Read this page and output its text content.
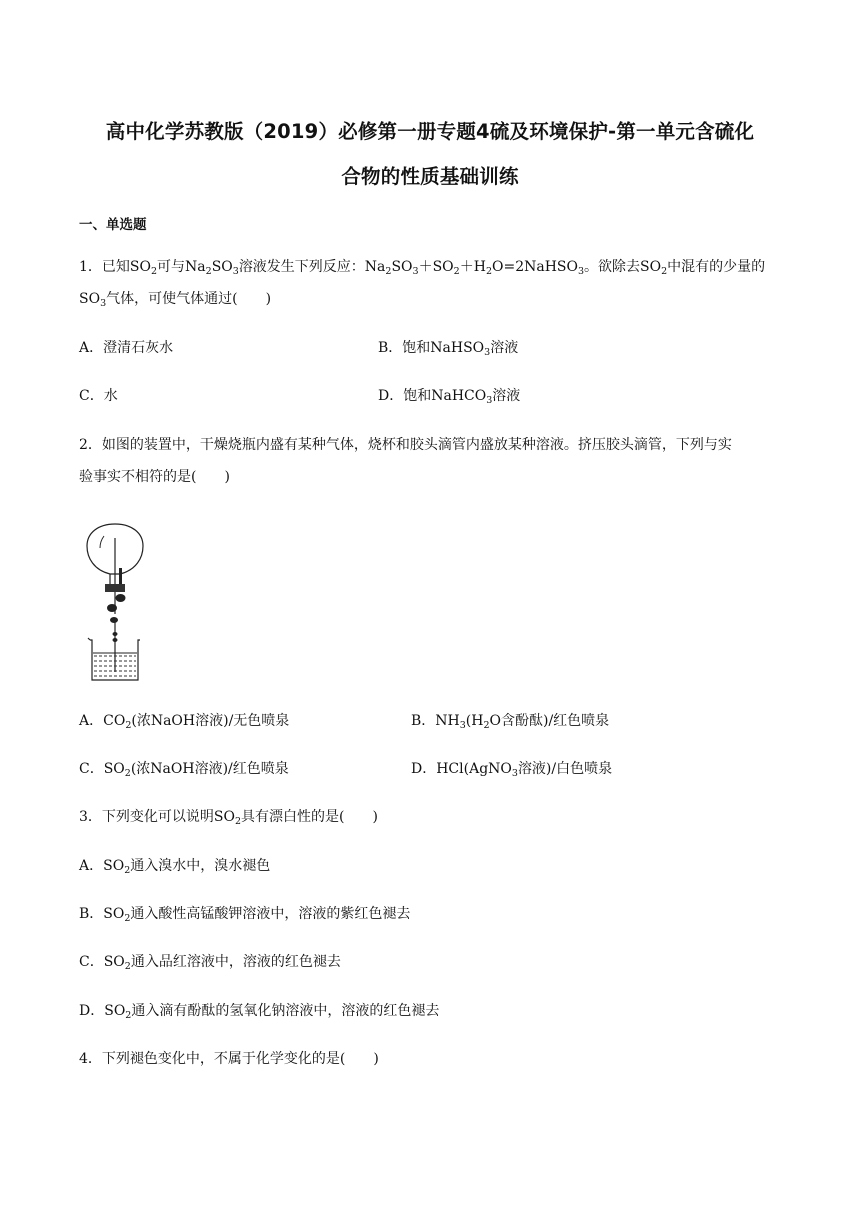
高中化学苏教版（2019）必修第一册专题4硫及环境保护-第一单元含硫化
合物的性质基础训练
一、单选题
1．已知$SO_2$可与$Na_2SO_3$溶液发生下列反应：$Na_2SO_3+SO_2+H_2O=2NaHSO_3$。欲除去$SO_2$中混有的少量的
$SO_3$气体，可使气体通过(　　)
A．澄清石灰水	B．饱和NaHSO$_3$溶液
C．水	D．饱和NaHCO$_3$溶液
2．如图的装置中，干燥烧瓶内盛有某种气体，烧杯和胶头滴管内盛放某种溶液。挤压胶头滴管，下列与实
验事实不相符的是(　　)
A．$CO_2$(浓NaOH溶液)/无色喷泉	B．$NH_3(H_2O$含酚酞)/红色喷泉
C．$SO_2$(浓NaOH溶液)/红色喷泉	D．HCl(AgNO$_3$溶液)/白色喷泉
3．下列变化可以说明$SO_2$具有漂白性的是(　　)
A．$SO_2$通入溴水中，溴水褪色
B．$SO_2$通入酸性高锰酸钾溶液中，溶液的紫红色褪去
C．$SO_2$通入品红溶液中，溶液的红色褪去
D．$SO_2$通入滴有酚酞的氢氧化钠溶液中，溶液的红色褪去
4．下列褪色变化中，不属于化学变化的是(　　)
